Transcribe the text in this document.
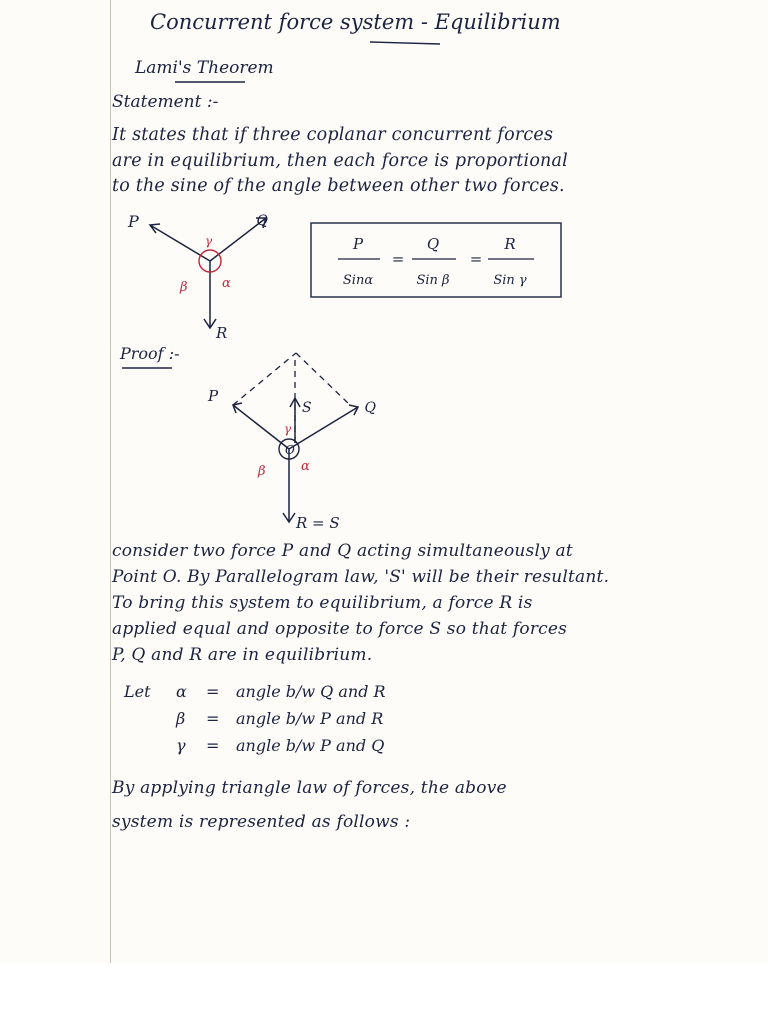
Concurrent force system - Equilibrium
Lami's Theorem
Statement :-
It states that if three coplanar concurrent forces
are in equilibrium, then each force is proportional
to the sine of the angle between other two forces.
P	Q
R
γ
β	α
P
Sinα
=
Q
Sin β
=
R
Sin γ
Proof :-
P
Q
S
O
γ
β	α
R = S
consider two force P and Q acting simultaneously at
Point O. By Parallelogram law, 'S' will be their resultant.
To bring this system to equilibrium, a force R is
applied equal and opposite to force S so that forces
P, Q and R are in equilibrium.
Let α = angle b/w Q and R
β = angle b/w P and R
γ = angle b/w P and Q
By applying triangle law of forces, the above
system is represented as follows :
